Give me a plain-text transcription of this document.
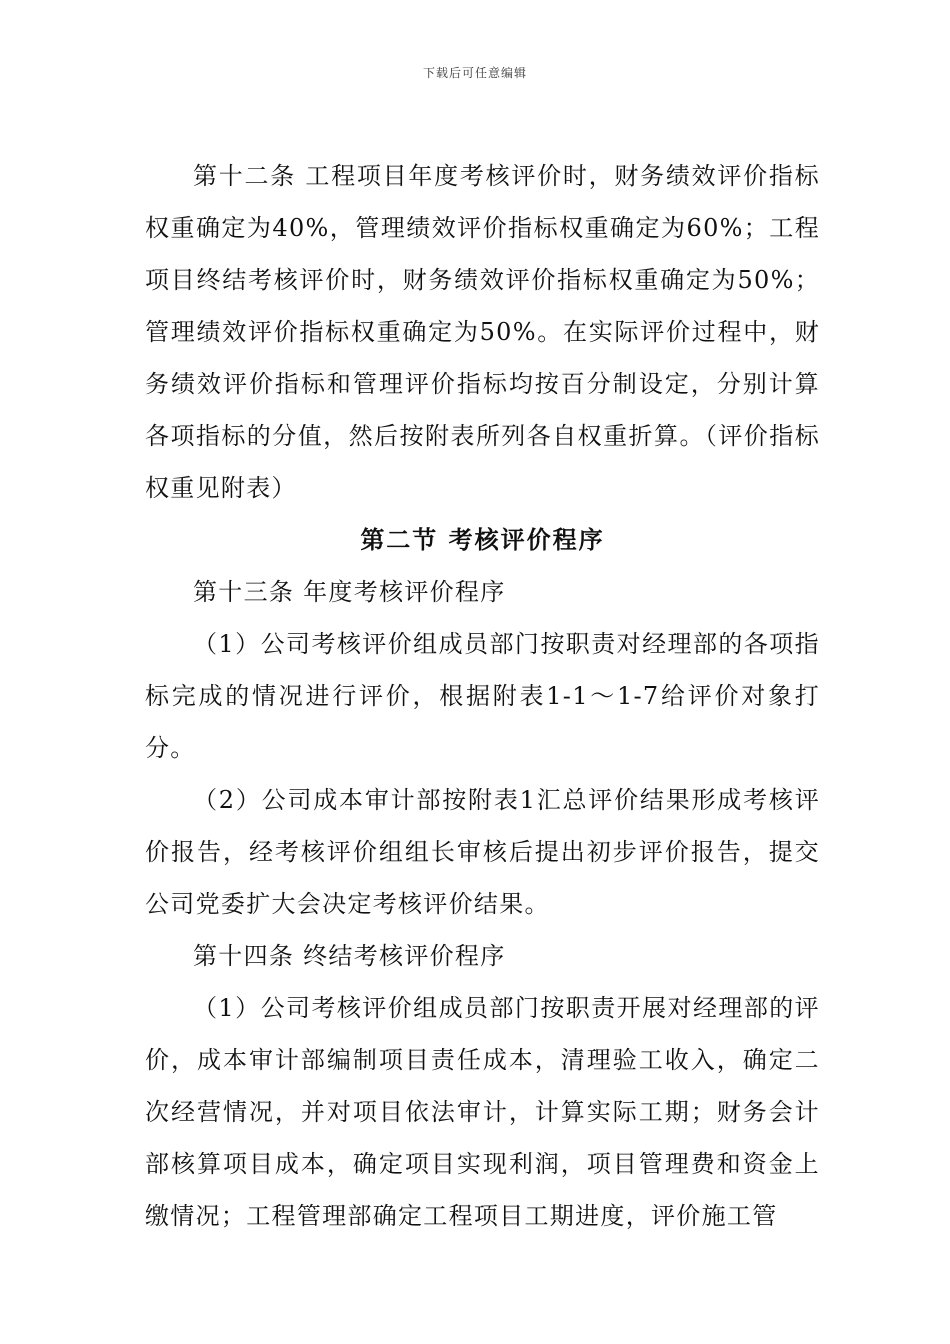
下载后可任意编辑

第十二条 工程项目年度考核评价时，财务绩效评价指标权重确定为40%，管理绩效评价指标权重确定为60%；工程项目终结考核评价时，财务绩效评价指标权重确定为50%；管理绩效评价指标权重确定为50%。在实际评价过程中，财务绩效评价指标和管理评价指标均按百分制设定，分别计算各项指标的分值，然后按附表所列各自权重折算。（评价指标权重见附表）

第二节 考核评价程序

第十三条 年度考核评价程序

（1）公司考核评价组成员部门按职责对经理部的各项指标完成的情况进行评价，根据附表1-1～1-7给评价对象打分。

（2）公司成本审计部按附表1汇总评价结果形成考核评价报告，经考核评价组组长审核后提出初步评价报告，提交公司党委扩大会决定考核评价结果。

第十四条 终结考核评价程序

（1）公司考核评价组成员部门按职责开展对经理部的评价，成本审计部编制项目责任成本，清理验工收入，确定二次经营情况，并对项目依法审计，计算实际工期；财务会计部核算项目成本，确定项目实现利润，项目管理费和资金上缴情况；工程管理部确定工程项目工期进度，评价施工管
